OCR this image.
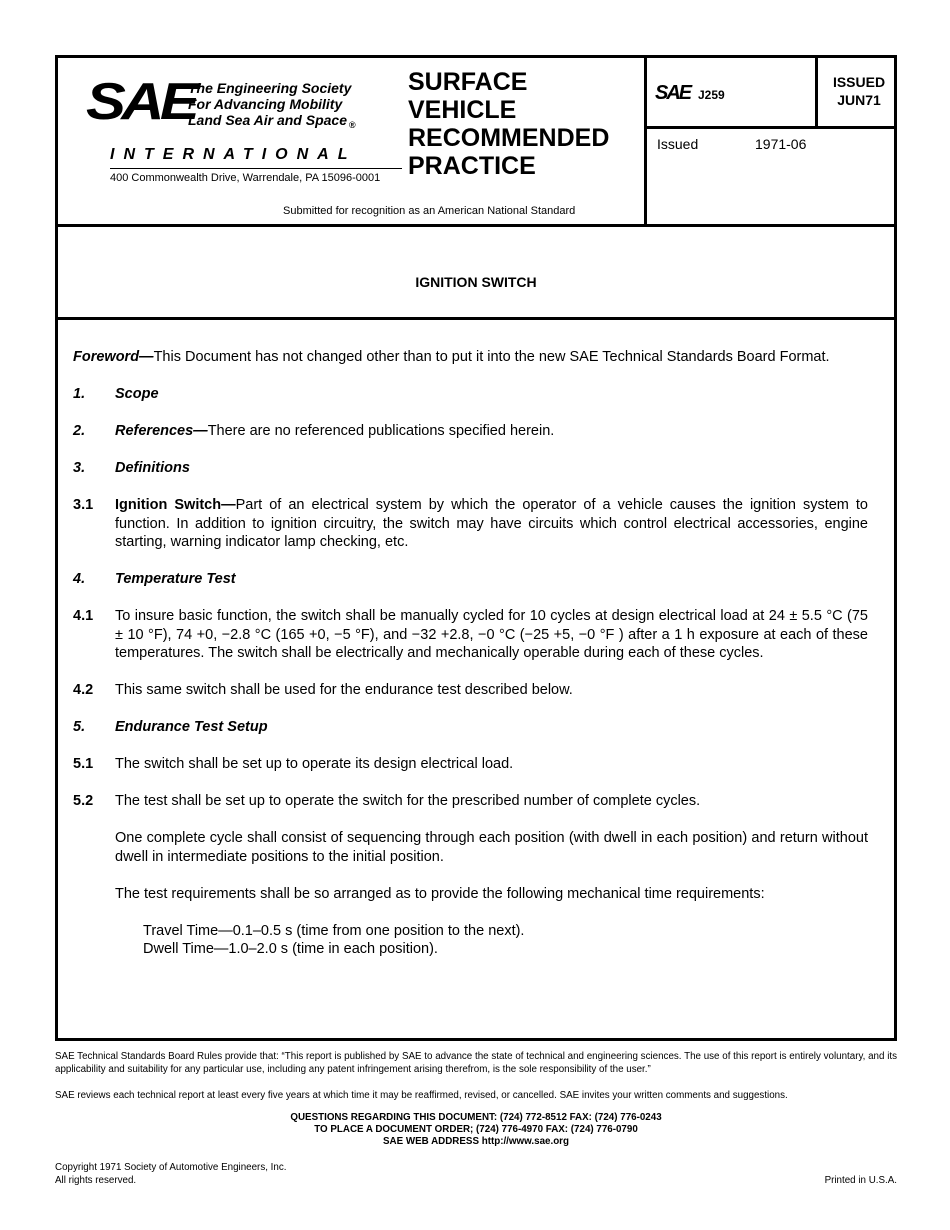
SAE
The Engineering Society
For Advancing Mobility
Land Sea Air and Space $_®$
INTERNATIONAL
400 Commonwealth Drive, Warrendale, PA 15096-0001
SURFACE
VEHICLE
RECOMMENDED
PRACTICE
Submitted for recognition as an American National Standard
SAE J259
ISSUED
JUN71
Issued	1971-06
IGNITION SWITCH
Foreword—This Document has not changed other than to put it into the new SAE Technical Standards Board Format.
1. Scope
2. References—There are no referenced publications specified herein.
3. Definitions
3.1 Ignition Switch—Part of an electrical system by which the operator of a vehicle causes the ignition system to function. In addition to ignition circuitry, the switch may have circuits which control electrical accessories, engine starting, warning indicator lamp checking, etc.
4. Temperature Test
4.1 To insure basic function, the switch shall be manually cycled for 10 cycles at design electrical load at 24 ± 5.5 °C (75 ± 10 °F), 74 +0, −2.8 °C (165 +0, −5 °F), and −32 +2.8, −0 °C (−25 +5, −0 °F ) after a 1 h exposure at each of these temperatures. The switch shall be electrically and mechanically operable during each of these cycles.
4.2 This same switch shall be used for the endurance test described below.
5. Endurance Test Setup
5.1 The switch shall be set up to operate its design electrical load.
5.2 The test shall be set up to operate the switch for the prescribed number of complete cycles.
One complete cycle shall consist of sequencing through each position (with dwell in each position) and return without dwell in intermediate positions to the initial position.
The test requirements shall be so arranged as to provide the following mechanical time requirements:
Travel Time—0.1–0.5 s (time from one position to the next).
Dwell Time—1.0–2.0 s (time in each position).
SAE Technical Standards Board Rules provide that: “This report is published by SAE to advance the state of technical and engineering sciences. The use of this report is entirely voluntary, and its applicability and suitability for any particular use, including any patent infringement arising therefrom, is the sole responsibility of the user.”
SAE reviews each technical report at least every five years at which time it may be reaffirmed, revised, or cancelled. SAE invites your written comments and suggestions.
QUESTIONS REGARDING THIS DOCUMENT: (724) 772-8512 FAX: (724) 776-0243
TO PLACE A DOCUMENT ORDER; (724) 776-4970 FAX: (724) 776-0790
SAE WEB ADDRESS http://www.sae.org
Copyright 1971 Society of Automotive Engineers, Inc.
All rights reserved.	Printed in U.S.A.
